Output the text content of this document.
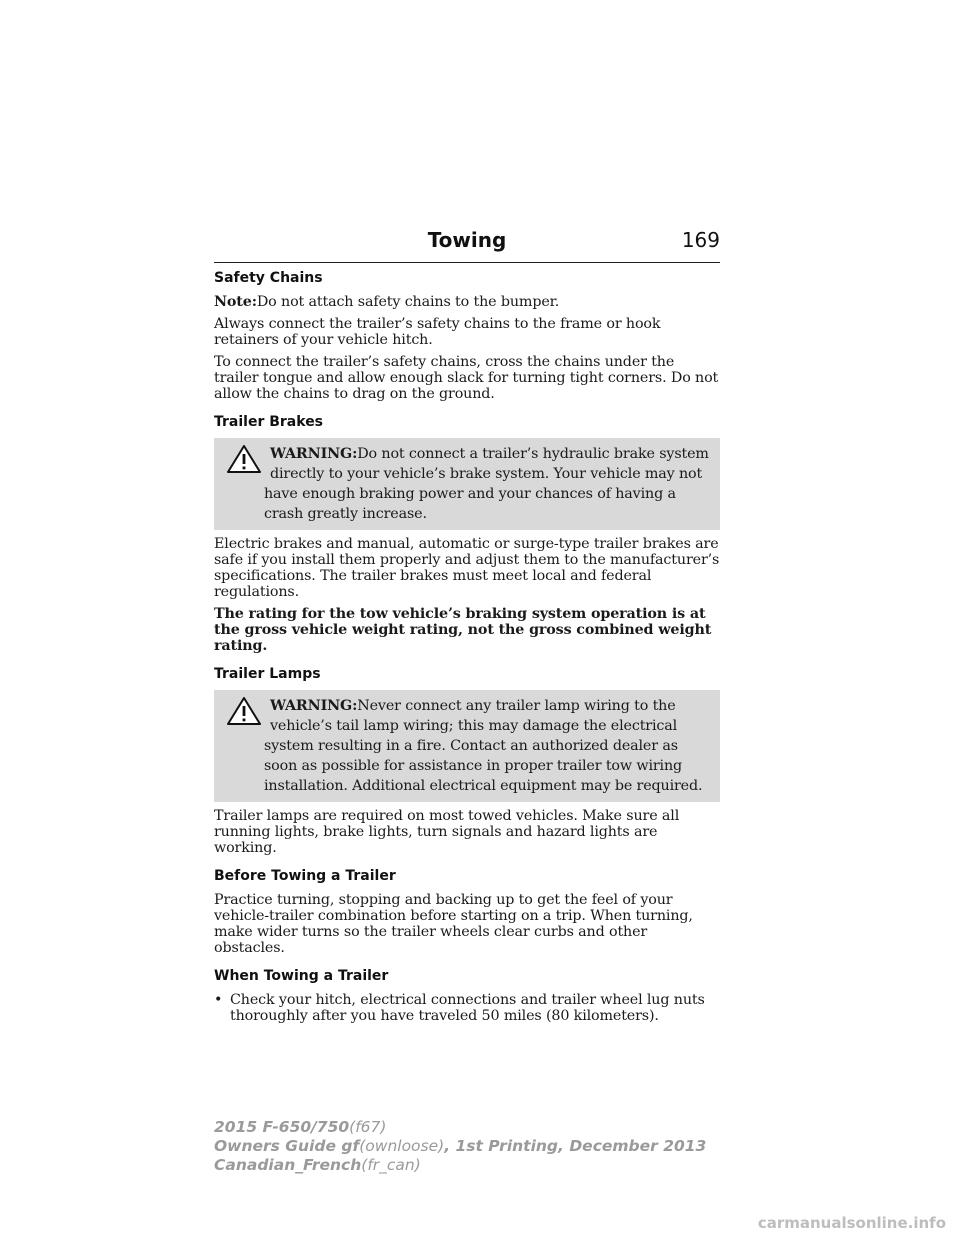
Towing	169
Safety Chains

Note:Do not attach safety chains to the bumper.

Always connect the trailer’s safety chains to the frame or hook retainers of your vehicle hitch.

To connect the trailer’s safety chains, cross the chains under the trailer tongue and allow enough slack for turning tight corners. Do not allow the chains to drag on the ground.

Trailer Brakes
WARNING:Do not connect a trailer’s hydraulic brake system
directly to your vehicle’s brake system. Your vehicle may not have enough braking power and your chances of having a crash greatly increase.

Electric brakes and manual, automatic or surge-type trailer brakes are safe if you install them properly and adjust them to the manufacturer’s specifications. The trailer brakes must meet local and federal regulations.

The rating for the tow vehicle’s braking system operation is at the gross vehicle weight rating, not the gross combined weight rating.

Trailer Lamps
WARNING:Never connect any trailer lamp wiring to the
vehicle’s tail lamp wiring; this may damage the electrical system resulting in a fire. Contact an authorized dealer as soon as possible for assistance in proper trailer tow wiring installation. Additional electrical equipment may be required.

Trailer lamps are required on most towed vehicles. Make sure all running lights, brake lights, turn signals and hazard lights are working.

Before Towing a Trailer

Practice turning, stopping and backing up to get the feel of your vehicle-trailer combination before starting on a trip. When turning, make wider turns so the trailer wheels clear curbs and other obstacles.

When Towing a Trailer
• Check your hitch, electrical connections and trailer wheel lug nuts thoroughly after you have traveled 50 miles (80 kilometers).
2015 F-650/750(f67)
Owners Guide gf(ownloose), 1st Printing, December 2013
Canadian_French(fr_can)
carmanualsonline.info
